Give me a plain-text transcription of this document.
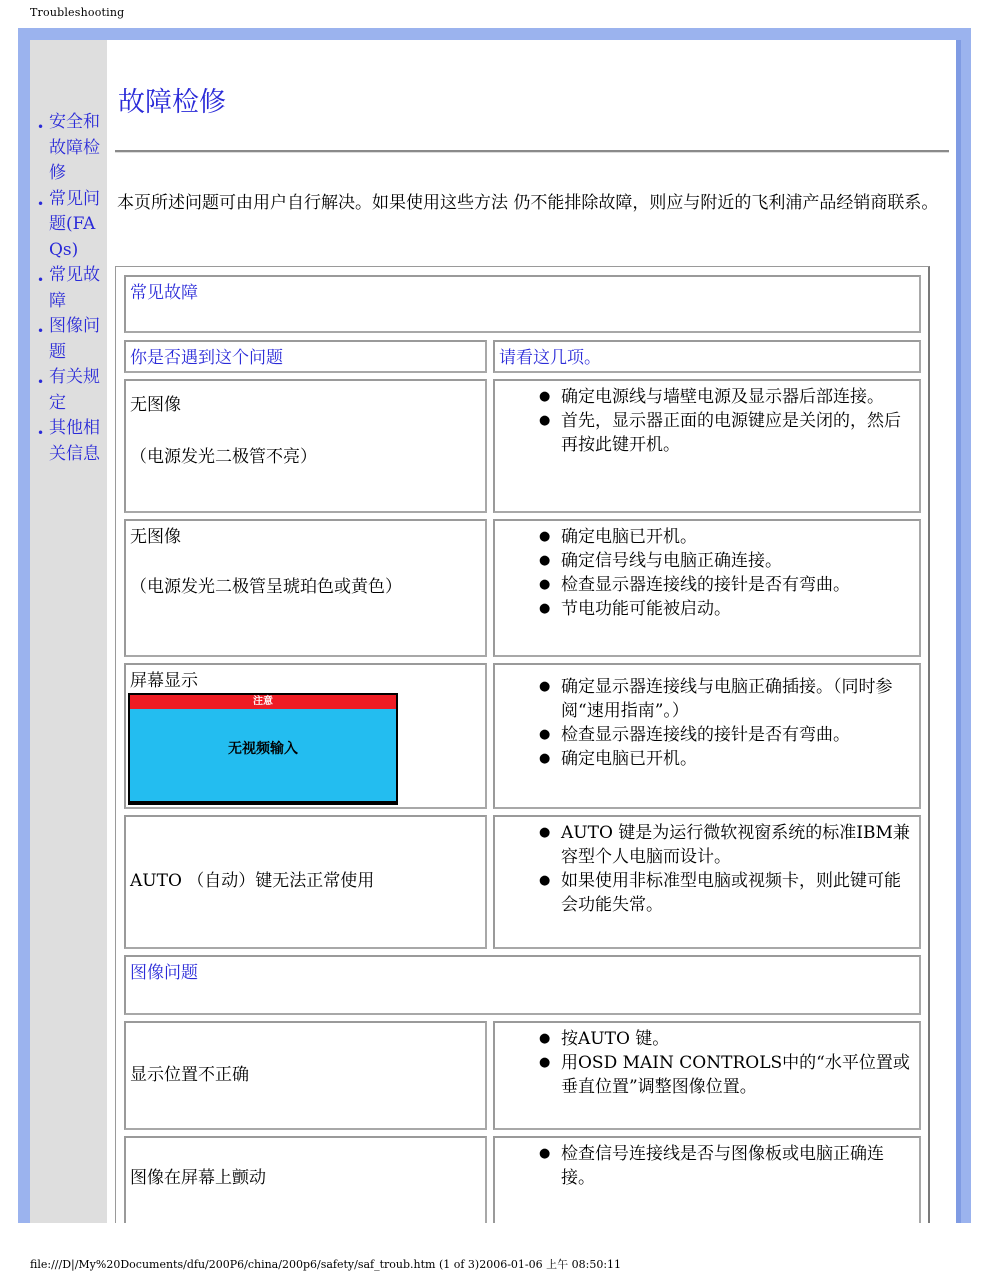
Troubleshooting
• 安全和故障检修
• 常见问题(FAQs)
• 常见故障
• 图像问题
• 有关规定
• 其他相关信息
故障检修

本页所述问题可由用户自行解决。如果使用这些方法 仍不能排除故障，则应与附近的飞利浦产品经销商联系。

常见故障
你是否遇到这个问题	请看这几项。
无图像
（电源发光二极管不亮）
● 确定电源线与墙壁电源及显示器后部连接。
● 首先，显示器正面的电源键应是关闭的，然后再按此键开机。
无图像
（电源发光二极管呈琥珀色或黄色）
● 确定电脑已开机。
● 确定信号线与电脑正确连接。
● 检查显示器连接线的接针是否有弯曲。
● 节电功能可能被启动。
屏幕显示
注意
无视频输入
● 确定显示器连接线与电脑正确插接。（同时参阅“速用指南”。）
● 检查显示器连接线的接针是否有弯曲。
● 确定电脑已开机。
AUTO （自动）键无法正常使用
● AUTO 键是为运行微软视窗系统的标准IBM兼容型个人电脑而设计。
● 如果使用非标准型电脑或视频卡，则此键可能会功能失常。
图像问题
显示位置不正确
● 按AUTO 键。
● 用OSD MAIN CONTROLS中的“水平位置或垂直位置”调整图像位置。
图像在屏幕上颤动
● 检查信号连接线是否与图像板或电脑正确连接。
file:///D|/My%20Documents/dfu/200P6/china/200p6/safety/saf_troub.htm (1 of 3)2006-01-06 上午 08:50:11
